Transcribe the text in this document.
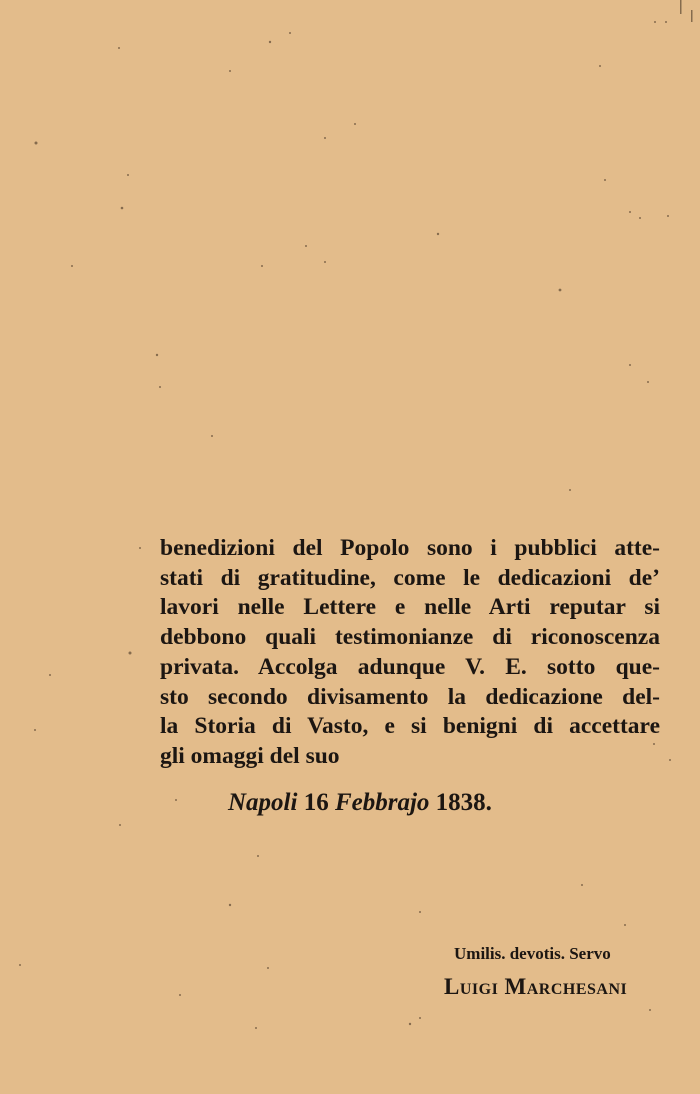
benedizioni del Popolo sono i pubblici atte-
stati di gratitudine, come le dedicazioni de’
lavori nelle Lettere e nelle Arti reputar si
debbono quali testimonianze di riconoscenza
privata. Accolga adunque V. E. sotto que-
sto secondo divisamento la dedicazione del-
la Storia di Vasto, e si benigni di accettare
gli omaggi del suo
Napoli 16 Febbrajo 1838.
Umilis. devotis. Servo
Luigi Marchesani
